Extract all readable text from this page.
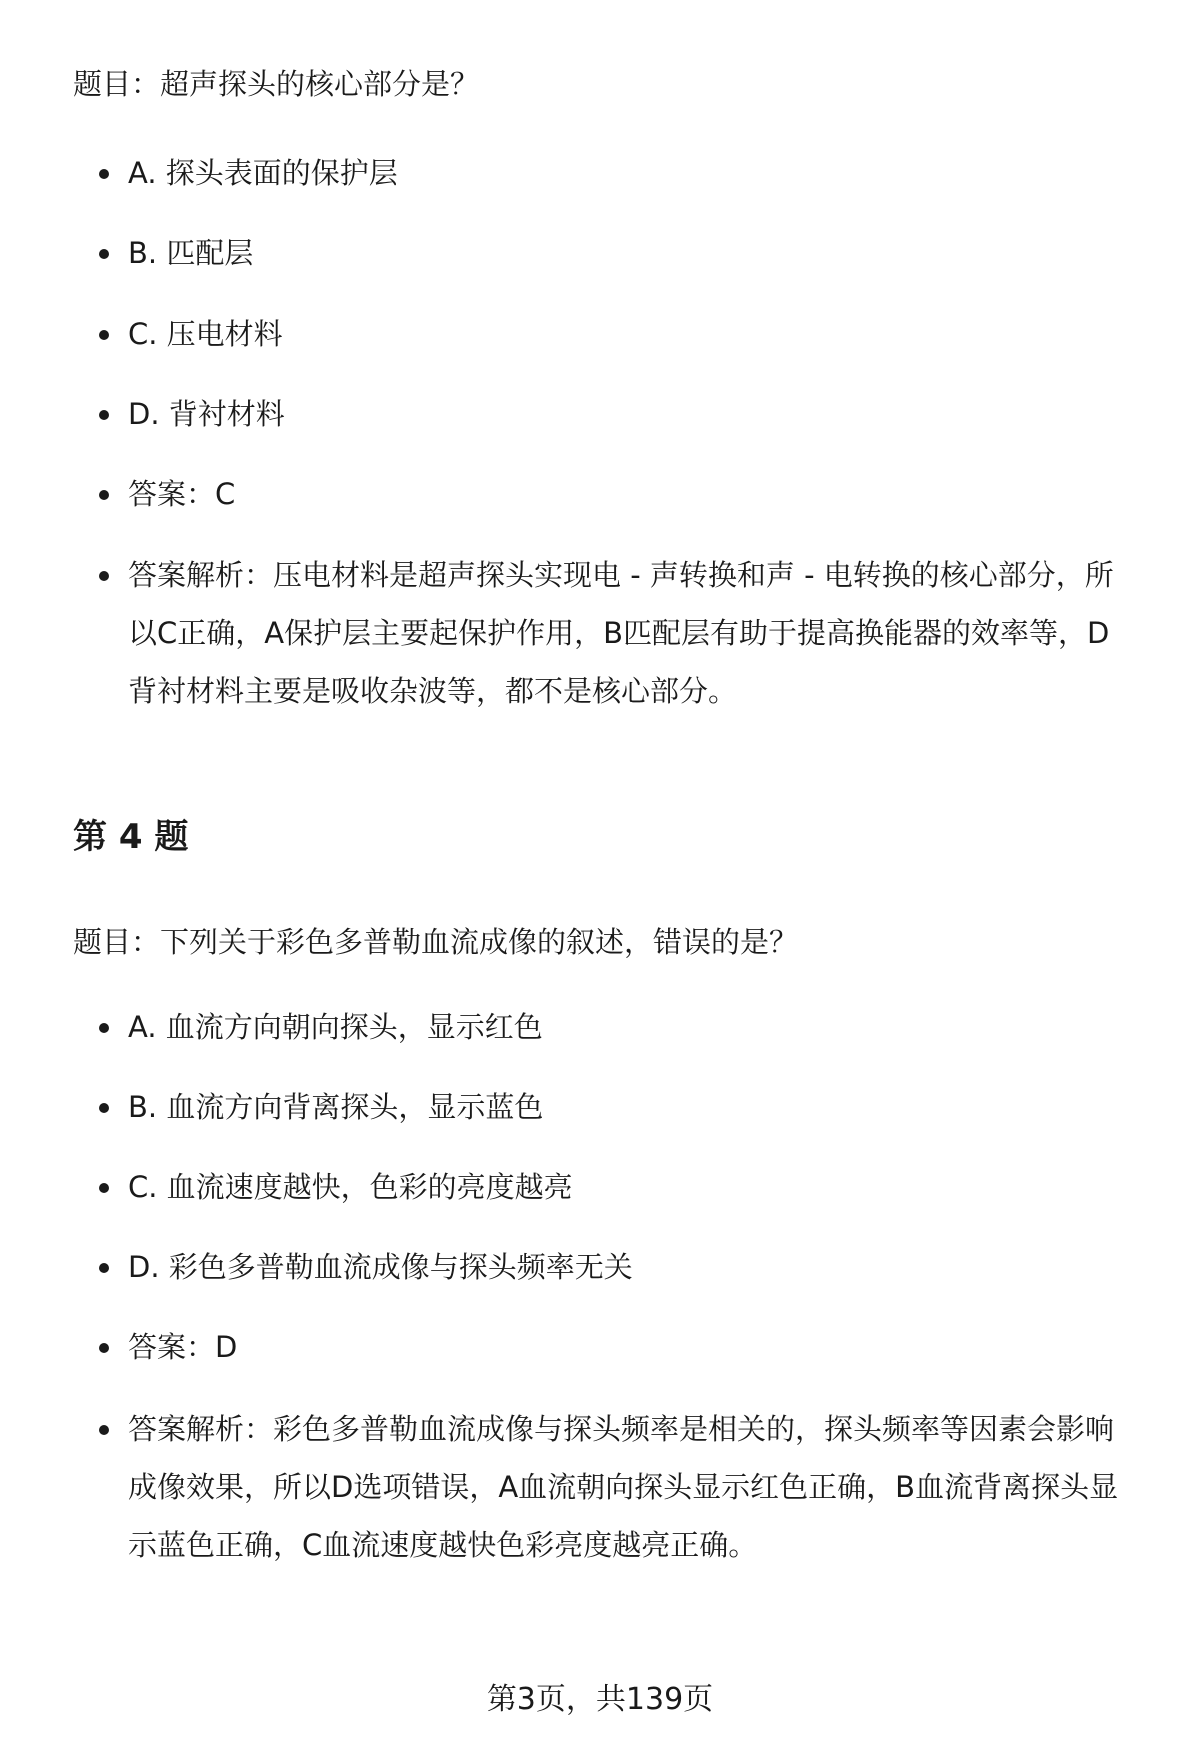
题目：超声探头的核心部分是？

A. 探头表面的保护层
B. 匹配层
C. 压电材料
D. 背衬材料
答案：C
答案解析：压电材料是超声探头实现电 - 声转换和声 - 电转换的核心部分，所以C正确，A保护层主要起保护作用，B匹配层有助于提高换能器的效率等，D背衬材料主要是吸收杂波等，都不是核心部分。
第 4 题

题目：下列关于彩色多普勒血流成像的叙述，错误的是？

A. 血流方向朝向探头，显示红色
B. 血流方向背离探头，显示蓝色
C. 血流速度越快，色彩的亮度越亮
D. 彩色多普勒血流成像与探头频率无关
答案：D
答案解析：彩色多普勒血流成像与探头频率是相关的，探头频率等因素会影响成像效果，所以D选项错误，A血流朝向探头显示红色正确，B血流背离探头显示蓝色正确，C血流速度越快色彩亮度越亮正确。
第3页，共139页
